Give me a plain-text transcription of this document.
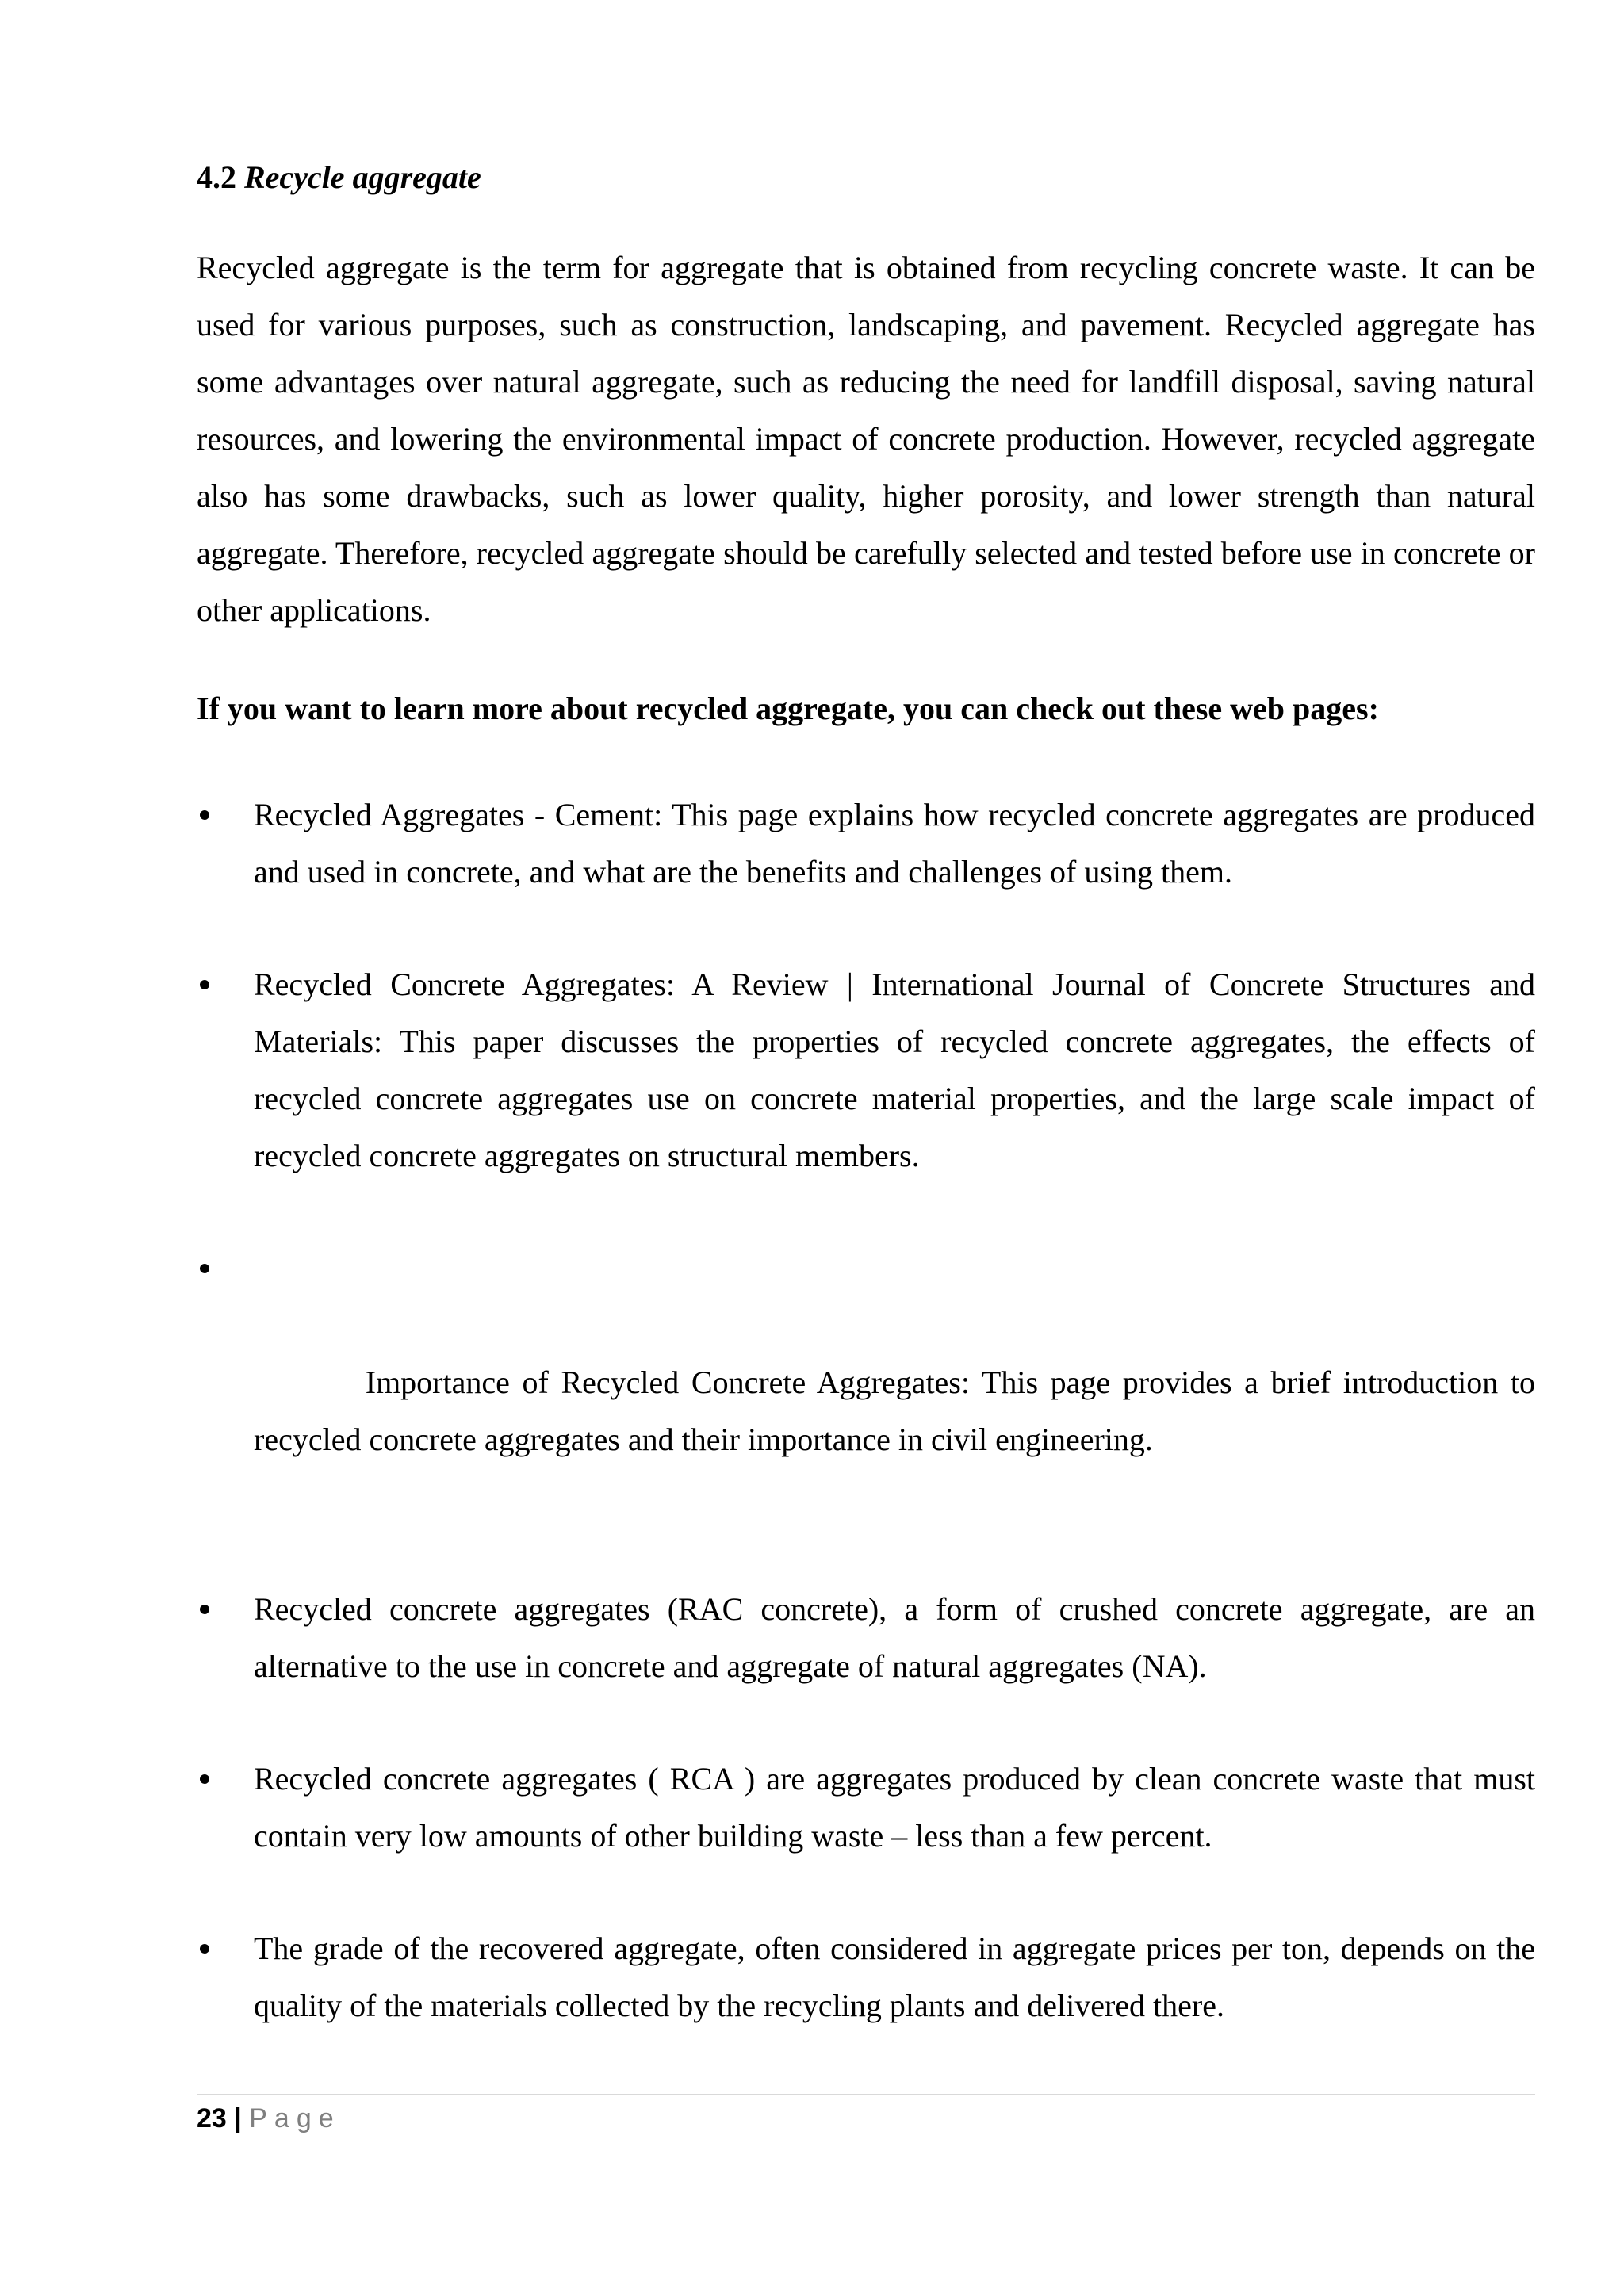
4.2 Recycle aggregate

Recycled aggregate is the term for aggregate that is obtained from recycling concrete waste. It can be used for various purposes, such as construction, landscaping, and pavement. Recycled aggregate has some advantages over natural aggregate, such as reducing the need for landfill disposal, saving natural resources, and lowering the environmental impact of concrete production. However, recycled aggregate also has some drawbacks, such as lower quality, higher porosity, and lower strength than natural aggregate. Therefore, recycled aggregate should be carefully selected and tested before use in concrete or other applications.

If you want to learn more about recycled aggregate, you can check out these web pages:

Recycled Aggregates - Cement: This page explains how recycled concrete aggregates are produced and used in concrete, and what are the benefits and challenges of using them.
Recycled Concrete Aggregates: A Review | International Journal of Concrete Structures and Materials: This paper discusses the properties of recycled concrete aggregates, the effects of recycled concrete aggregates use on concrete material properties, and the large scale impact of recycled concrete aggregates on structural members.

Importance of Recycled Concrete Aggregates: This page provides a brief introduction to recycled concrete aggregates and their importance in civil engineering.

Recycled concrete aggregates (RAC concrete), a form of crushed concrete aggregate, are an alternative to the use in concrete and aggregate of natural aggregates (NA).
Recycled concrete aggregates ( RCA ) are aggregates produced by clean concrete waste that must contain very low amounts of other building waste – less than a few percent.
The grade of the recovered aggregate, often considered in aggregate prices per ton, depends on the quality of the materials collected by the recycling plants and delivered there.
23 | Page
